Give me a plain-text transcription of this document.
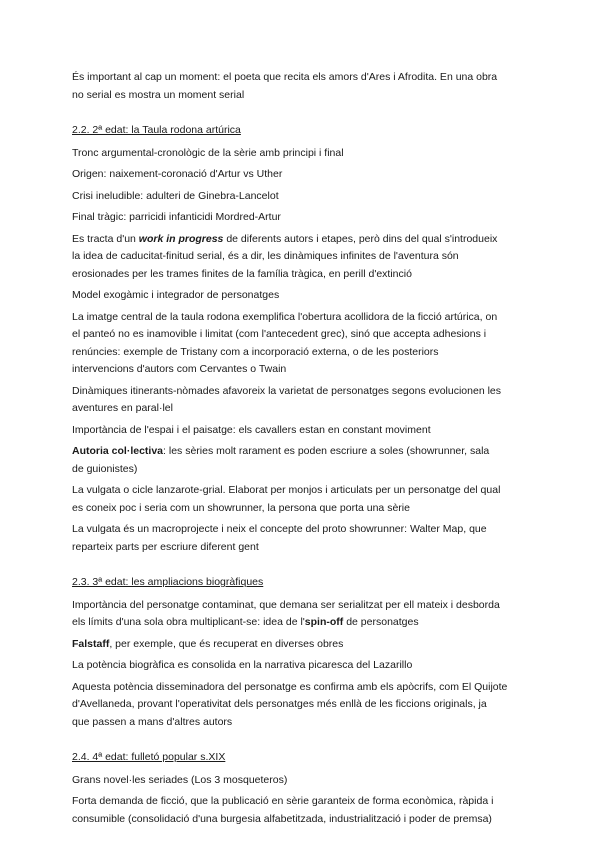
És important al cap un moment: el poeta que recita els amors d'Ares i Afrodita. En una obra
no serial es mostra un moment serial

2.2. 2ª edat: la Taula rodona artúrica

Tronc argumental-cronològic de la sèrie amb principi i final

Origen: naixement-coronació d'Artur vs Uther

Crisi ineludible: adulteri de Ginebra-Lancelot

Final tràgic: parricidi infanticidi Mordred-Artur

Es tracta d'un work in progress de diferents autors i etapes, però dins del qual s'introdueix
la idea de caducitat-finitud serial, és a dir, les dinàmiques infinites de l'aventura són
erosionades per les trames finites de la família tràgica, en perill d'extinció

Model exogàmic i integrador de personatges

La imatge central de la taula rodona exemplifica l'obertura acollidora de la ficció artúrica, on
el panteó no es inamovible i limitat (com l'antecedent grec), sinó que accepta adhesions i
renúncies: exemple de Tristany com a incorporació externa, o de les posteriors
intervencions d'autors com Cervantes o Twain

Dinàmiques itinerants-nòmades afavoreix la varietat de personatges segons evolucionen les
aventures en paral·lel

Importància de l'espai i el paisatge: els cavallers estan en constant moviment

Autoria col·lectiva: les sèries molt rarament es poden escriure a soles (showrunner, sala
de guionistes)

La vulgata o cicle lanzarote-grial. Elaborat per monjos i articulats per un personatge del qual
es coneix poc i seria com un showrunner, la persona que porta una sèrie

La vulgata és un macroprojecte i neix el concepte del proto showrunner: Walter Map, que
reparteix parts per escriure diferent gent

2.3. 3ª edat: les ampliacions biogràfiques

Importància del personatge contaminat, que demana ser serialitzat per ell mateix i desborda
els límits d'una sola obra multiplicant-se: idea de l'spin-off de personatges

Falstaff, per exemple, que és recuperat en diverses obres

La potència biogràfica es consolida en la narrativa picaresca del Lazarillo

Aquesta potència disseminadora del personatge es confirma amb els apòcrifs, com El Quijote
d'Avellaneda, provant l'operativitat dels personatges més enllà de les ficcions originals, ja
que passen a mans d'altres autors

2.4. 4ª edat: fulletó popular s.XIX

Grans novel·les seriades (Los 3 mosqueteros)

Forta demanda de ficció, que la publicació en sèrie garanteix de forma econòmica, ràpida i
consumible (consolidació d'una burgesia alfabetitzada, industrialització i poder de premsa)
